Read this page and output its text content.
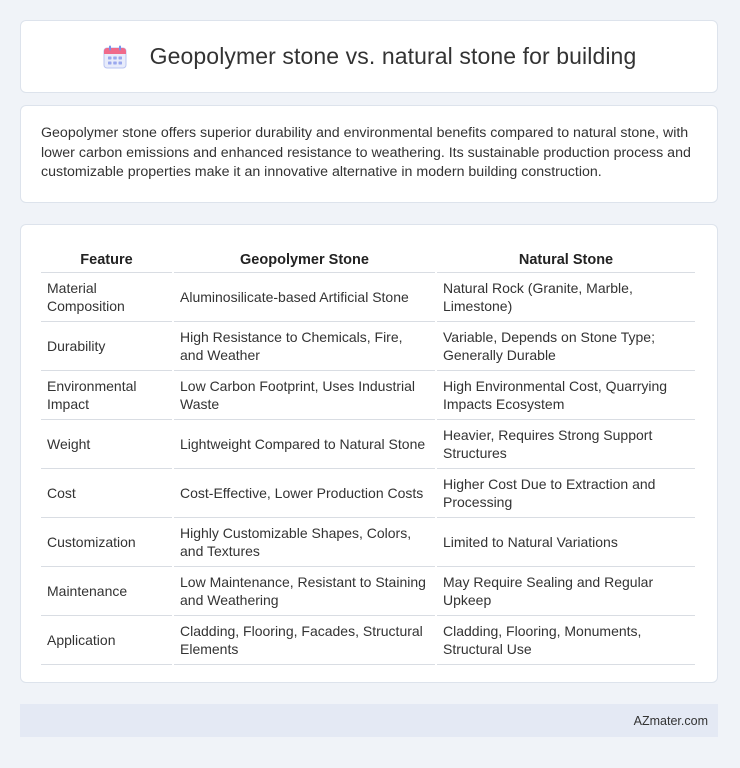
Geopolymer stone vs. natural stone for building

Geopolymer stone offers superior durability and environmental benefits compared to natural stone, with lower carbon emissions and enhanced resistance to weathering. Its sustainable production process and customizable properties make it an innovative alternative in modern building construction.

Feature	Geopolymer Stone	Natural Stone
Material Composition	Aluminosilicate-based Artificial Stone	Natural Rock (Granite, Marble, Limestone)
Durability	High Resistance to Chemicals, Fire, and Weather	Variable, Depends on Stone Type; Generally Durable
Environmental Impact	Low Carbon Footprint, Uses Industrial Waste	High Environmental Cost, Quarrying Impacts Ecosystem
Weight	Lightweight Compared to Natural Stone	Heavier, Requires Strong Support Structures
Cost	Cost-Effective, Lower Production Costs	Higher Cost Due to Extraction and Processing
Customization	Highly Customizable Shapes, Colors, and Textures	Limited to Natural Variations
Maintenance	Low Maintenance, Resistant to Staining and Weathering	May Require Sealing and Regular Upkeep
Application	Cladding, Flooring, Facades, Structural Elements	Cladding, Flooring, Monuments, Structural Use
AZmater.com
